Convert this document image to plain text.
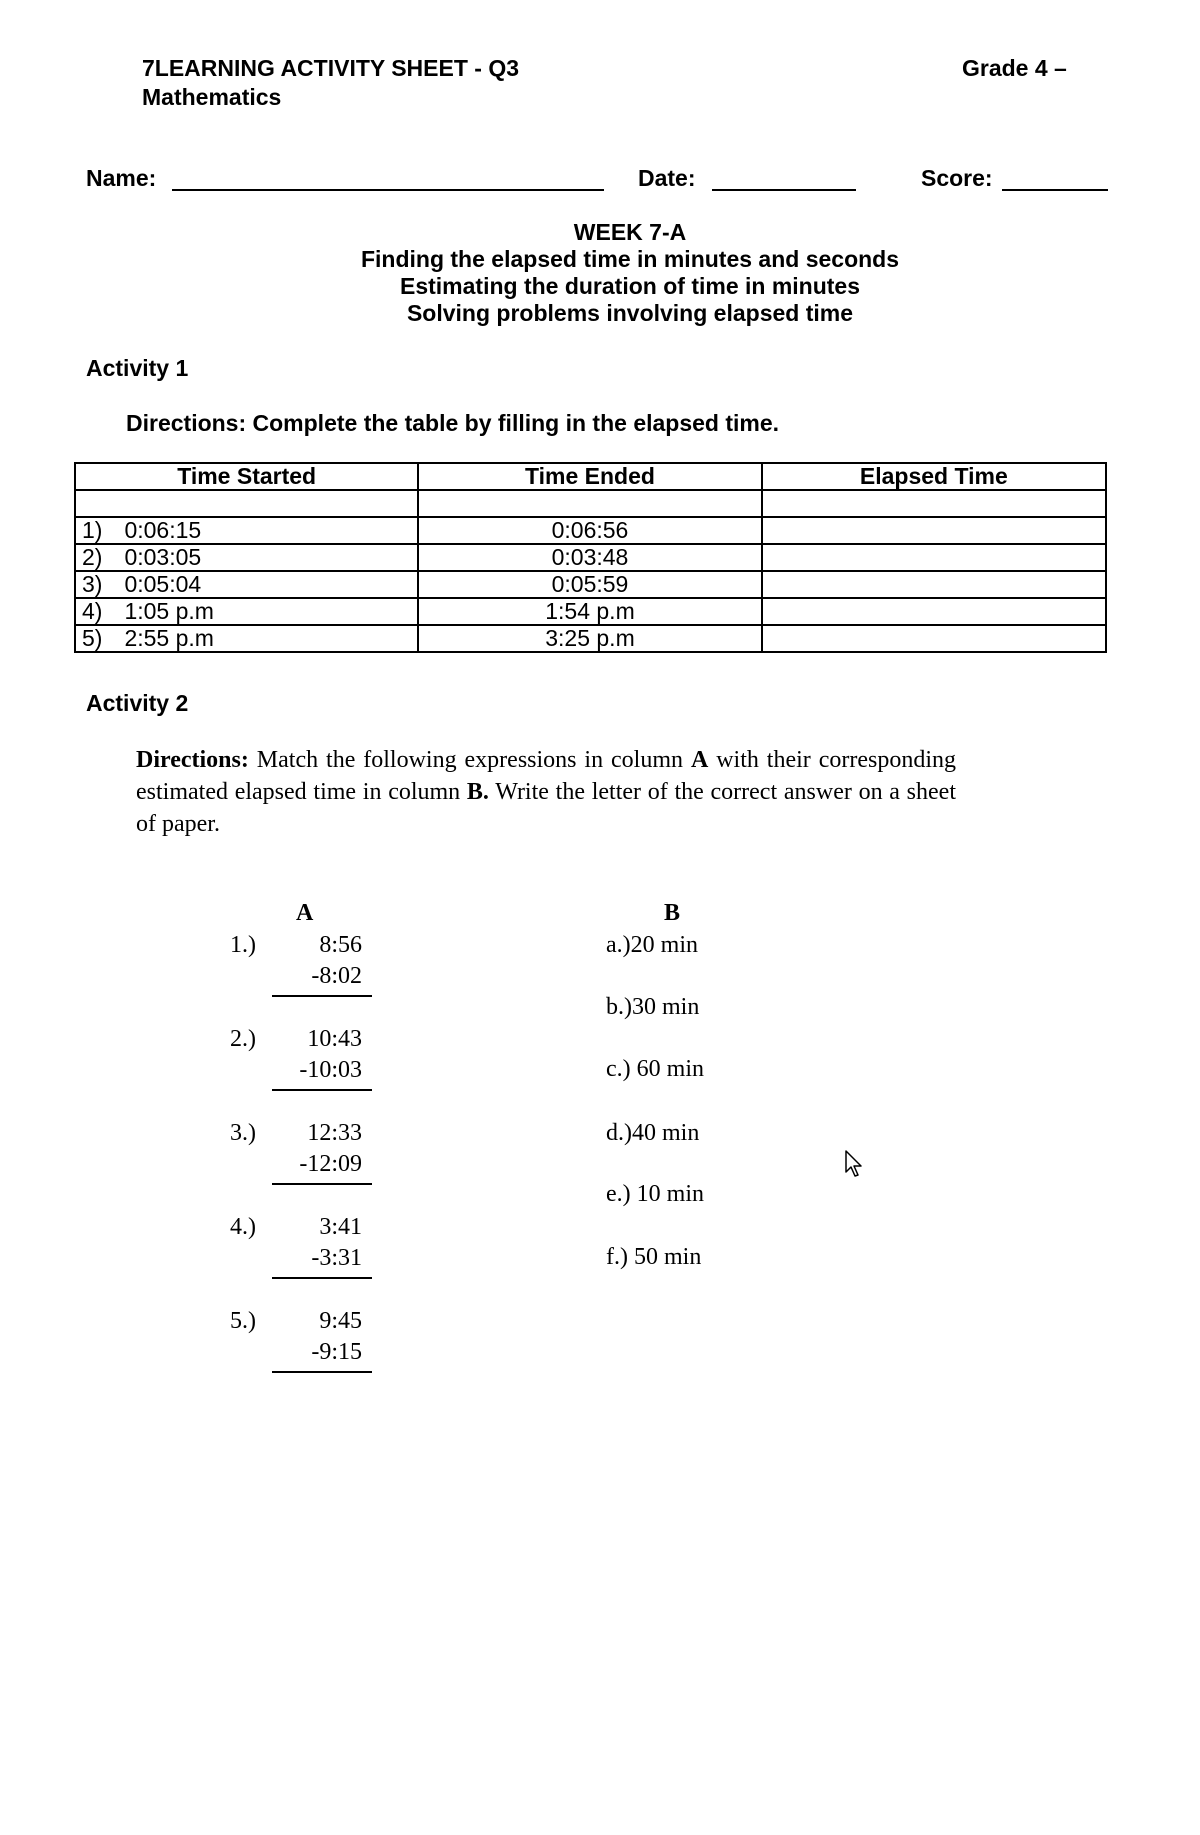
7LEARNING ACTIVITY SHEET - Q3
Mathematics
Grade 4 –
Name:	Date:	Score:
WEEK 7-A
Finding the elapsed time in minutes and seconds
Estimating the duration of time in minutes
Solving problems involving elapsed time
Activity 1
Directions: Complete the table by filling in the elapsed time.
Time Started	Time Ended	Elapsed Time

1) 0:06:15	0:06:56	
2) 0:03:05	0:03:48	
3) 0:05:04	0:05:59	
4) 1:05 p.m	1:54 p.m	
5) 2:55 p.m	3:25 p.m	
Activity 2
Directions: Match the following expressions in column A with their corresponding estimated elapsed time in column B. Write the letter of the correct answer on a sheet of paper.
A	B
1.)	8:56
-8:02
2.)	10:43
-10:03
3.)	12:33
-12:09
4.)	3:41
-3:31
5.)	9:45
-9:15
a.)20 min
b.)30 min
c.) 60 min
d.)40 min
e.) 10 min
f.) 50 min
